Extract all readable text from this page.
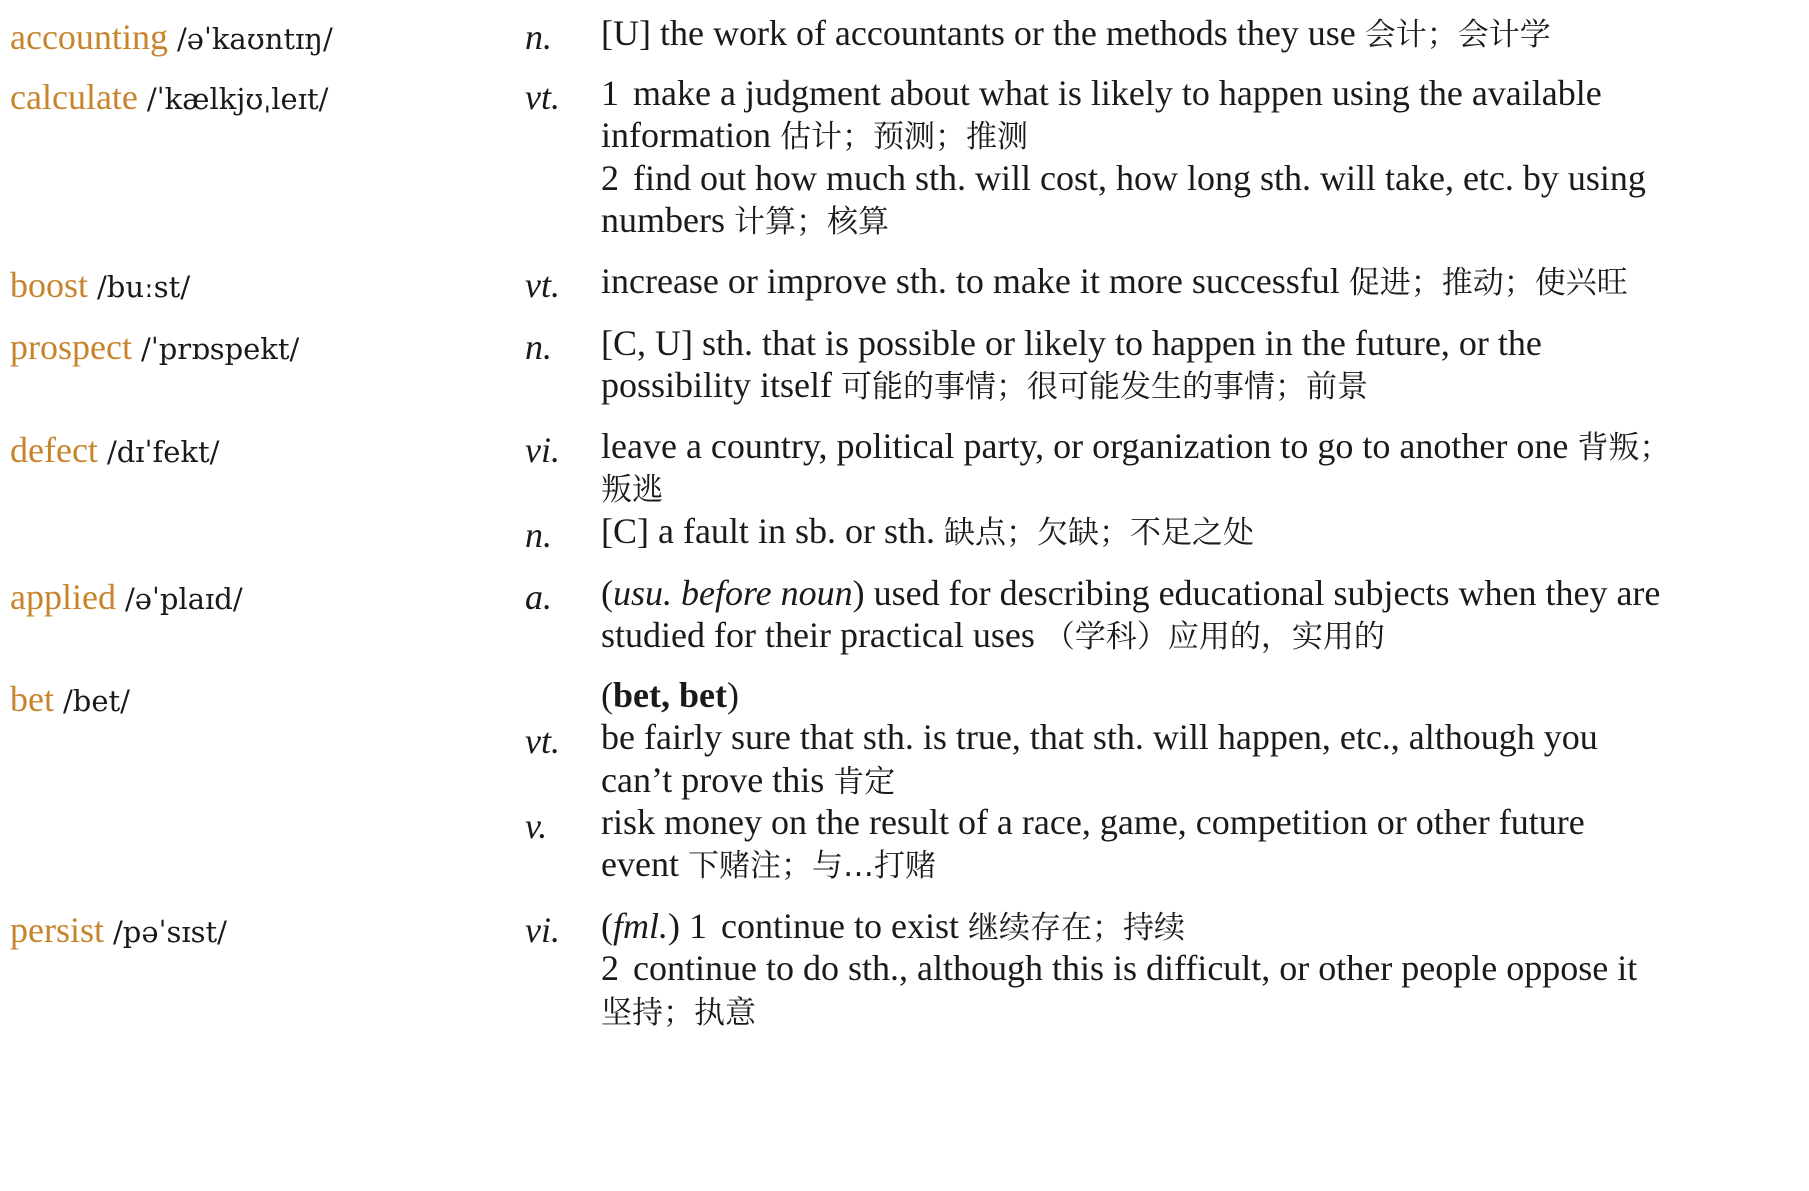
accounting /əˈkaʊntɪŋ/	n. [U] the work of accountants or the methods they use 会计；会计学
calculate /ˈkælkjʊˌleɪt/	vt. 1 make a judgment about what is likely to happen using the available
information 估计；预测；推测
2 find out how much sth. will cost, how long sth. will take, etc. by using
numbers 计算；核算
boost /buːst/	vt. increase or improve sth. to make it more successful 促进；推动；使兴旺
prospect /ˈprɒspekt/	n. [C, U] sth. that is possible or likely to happen in the future, or the
possibility itself 可能的事情；很可能发生的事情；前景
defect /dɪˈfekt/	vi. leave a country, political party, or organization to go to another one 背叛；
叛逃
n. [C] a fault in sb. or sth. 缺点；欠缺；不足之处
applied /əˈplaɪd/	a. (usu. before noun) used for describing educational subjects when they are
studied for their practical uses （学科）应用的，实用的
bet /bet/	(bet, bet)
vt. be fairly sure that sth. is true, that sth. will happen, etc., although you
can’t prove this 肯定
v. risk money on the result of a race, game, competition or other future
event 下赌注；与…打赌
persist /pəˈsɪst/	vi. (fml.) 1 continue to exist 继续存在；持续
2 continue to do sth., although this is difficult, or other people oppose it
坚持；执意
